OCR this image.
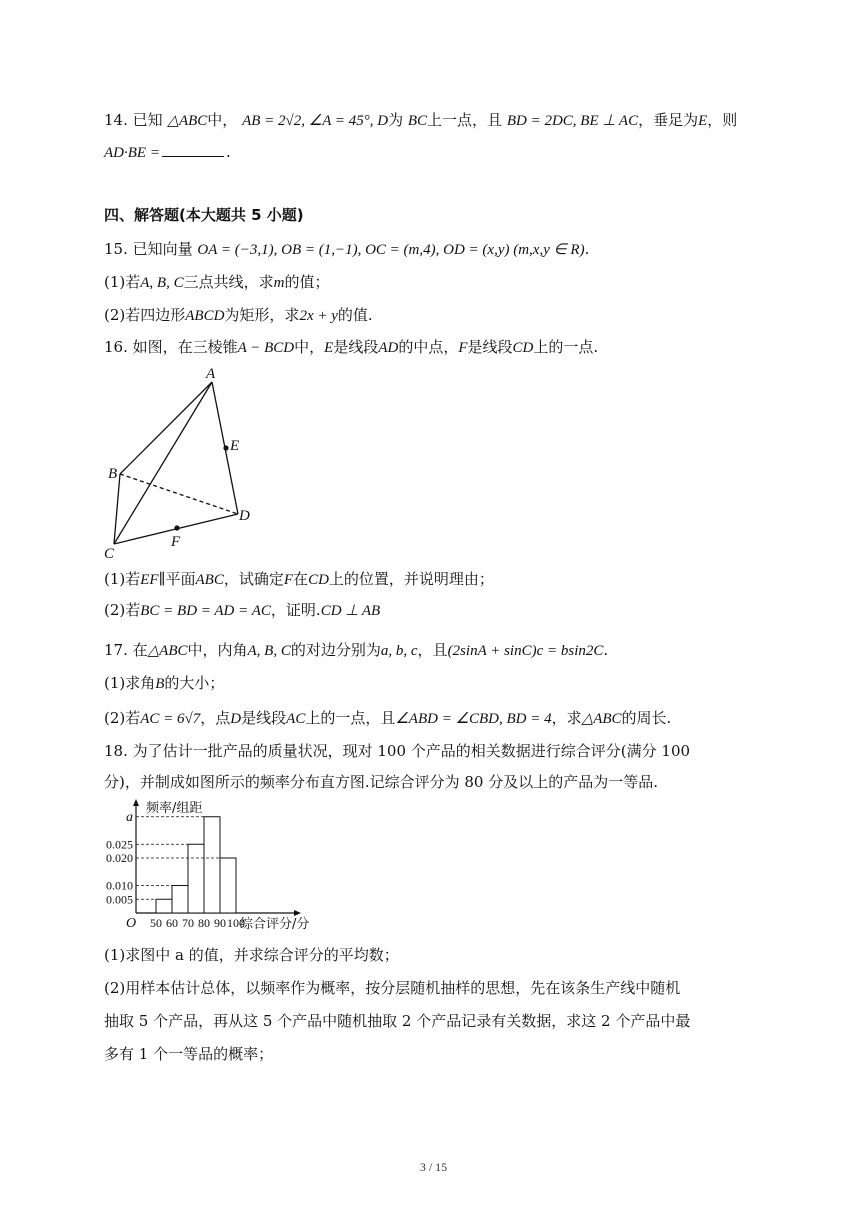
14. 已知 △ABC中， AB = 2√2, ∠A = 45°, D为 BC上一点，且 BD = 2DC, BE ⊥ AC，垂足为E，则
AD·BE =	.
四、解答题(本大题共 5 小题)
15. 已知向量 OA = (−3,1), OB = (1,−1), OC = (m,4), OD = (x,y) (m,x,y ∈ R).
(1)若A, B, C三点共线，求m的值；
(2)若四边形ABCD为矩形，求2x + y的值.
16. 如图，在三棱锥A − BCD中，E是线段AD的中点，F是线段CD上的一点.
A
B
C
D
E
F
(1)若EF∥平面ABC，试确定F在CD上的位置，并说明理由；
(2)若BC = BD = AD = AC，证明.CD ⊥ AB
17. 在△ABC中，内角A, B, C的对边分别为a, b, c，且(2sinA + sinC)c = bsin2C.
(1)求角B的大小；
(2)若AC = 6√7，点D是线段AC上的一点，且∠ABD = ∠CBD, BD = 4，求△ABC的周长.
18. 为了估计一批产品的质量状况，现对 100 个产品的相关数据进行综合评分(满分 100
分)，并制成如图所示的频率分布直方图.记综合评分为 80 分及以上的产品为一等品.
0.005
0.010
0.020
0.025
a
50 60 70 80 90 100
O
频率/组距
综合评分/分
(1)求图中 a 的值，并求综合评分的平均数；
(2)用样本估计总体，以频率作为概率，按分层随机抽样的思想，先在该条生产线中随机
抽取 5 个产品，再从这 5 个产品中随机抽取 2 个产品记录有关数据，求这 2 个产品中最
多有 1 个一等品的概率；
3 / 15
